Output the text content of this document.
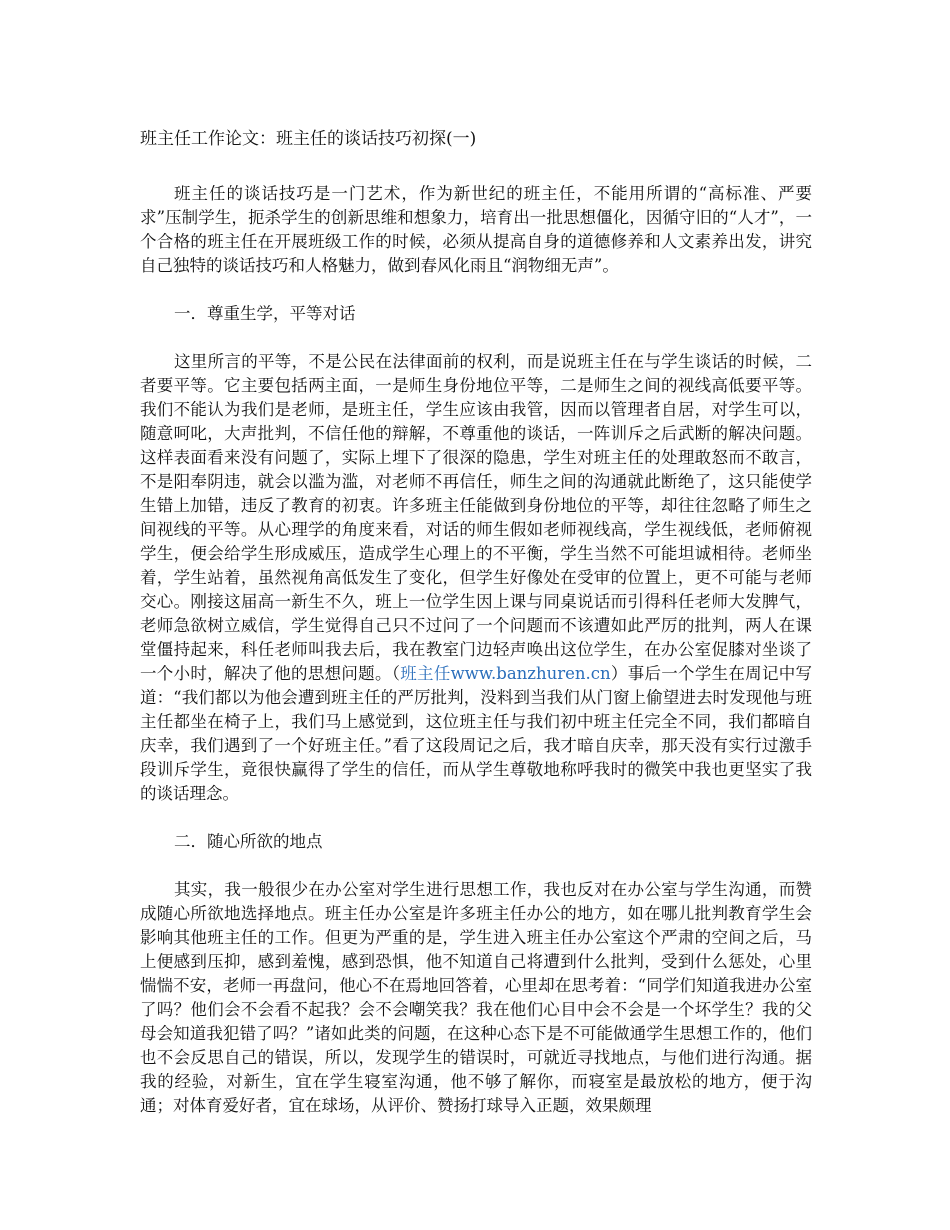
班主任工作论文：班主任的谈话技巧初探(一)

班主任的谈话技巧是一门艺术，作为新世纪的班主任，不能用所谓的“高标准、严要求”压制学生，扼杀学生的创新思维和想象力，培育出一批思想僵化，因循守旧的“人才”，一个合格的班主任在开展班级工作的时候，必须从提高自身的道德修养和人文素养出发，讲究自己独特的谈话技巧和人格魅力，做到春风化雨且“润物细无声”。

一．尊重生学，平等对话

这里所言的平等，不是公民在法律面前的权利，而是说班主任在与学生谈话的时候，二者要平等。它主要包括两主面，一是师生身份地位平等，二是师生之间的视线高低要平等。我们不能认为我们是老师，是班主任，学生应该由我管，因而以管理者自居，对学生可以，随意呵叱，大声批判，不信任他的辩解，不尊重他的谈话，一阵训斥之后武断的解决问题。这样表面看来没有问题了，实际上埋下了很深的隐患，学生对班主任的处理敢怒而不敢言，不是阳奉阴违，就会以滥为滥，对老师不再信任，师生之间的沟通就此断绝了，这只能使学生错上加错，违反了教育的初衷。许多班主任能做到身份地位的平等，却往往忽略了师生之间视线的平等。从心理学的角度来看，对话的师生假如老师视线高，学生视线低，老师俯视学生，便会给学生形成威压，造成学生心理上的不平衡，学生当然不可能坦诚相待。老师坐着，学生站着，虽然视角高低发生了变化，但学生好像处在受审的位置上，更不可能与老师交心。刚接这届高一新生不久，班上一位学生因上课与同桌说话而引得科任老师大发脾气，老师急欲树立威信，学生觉得自己只不过问了一个问题而不该遭如此严厉的批判，两人在课堂僵持起来，科任老师叫我去后，我在教室门边轻声唤出这位学生，在办公室促膝对坐谈了一个小时，解决了他的思想问题。（班主任www.banzhuren.cn）事后一个学生在周记中写道：“我们都以为他会遭到班主任的严厉批判，没料到当我们从门窗上偷望进去时发现他与班主任都坐在椅子上，我们马上感觉到，这位班主任与我们初中班主任完全不同，我们都暗自庆幸，我们遇到了一个好班主任。”看了这段周记之后，我才暗自庆幸，那天没有实行过激手段训斥学生，竟很快赢得了学生的信任，而从学生尊敬地称呼我时的微笑中我也更坚实了我的谈话理念。

二．随心所欲的地点

其实，我一般很少在办公室对学生进行思想工作，我也反对在办公室与学生沟通，而赞成随心所欲地选择地点。班主任办公室是许多班主任办公的地方，如在哪儿批判教育学生会影响其他班主任的工作。但更为严重的是，学生进入班主任办公室这个严肃的空间之后，马上便感到压抑，感到羞愧，感到恐惧，他不知道自己将遭到什么批判，受到什么惩处，心里惴惴不安，老师一再盘问，他心不在焉地回答着，心里却在思考着：“同学们知道我进办公室了吗？他们会不会看不起我？会不会嘲笑我？我在他们心目中会不会是一个坏学生？我的父母会知道我犯错了吗？”诸如此类的问题，在这种心态下是不可能做通学生思想工作的，他们也不会反思自己的错误，所以，发现学生的错误时，可就近寻找地点，与他们进行沟通。据我的经验，对新生，宜在学生寝室沟通，他不够了解你，而寝室是最放松的地方，便于沟通；对体育爱好者，宜在球场，从评价、赞扬打球导入正题，效果颇理
